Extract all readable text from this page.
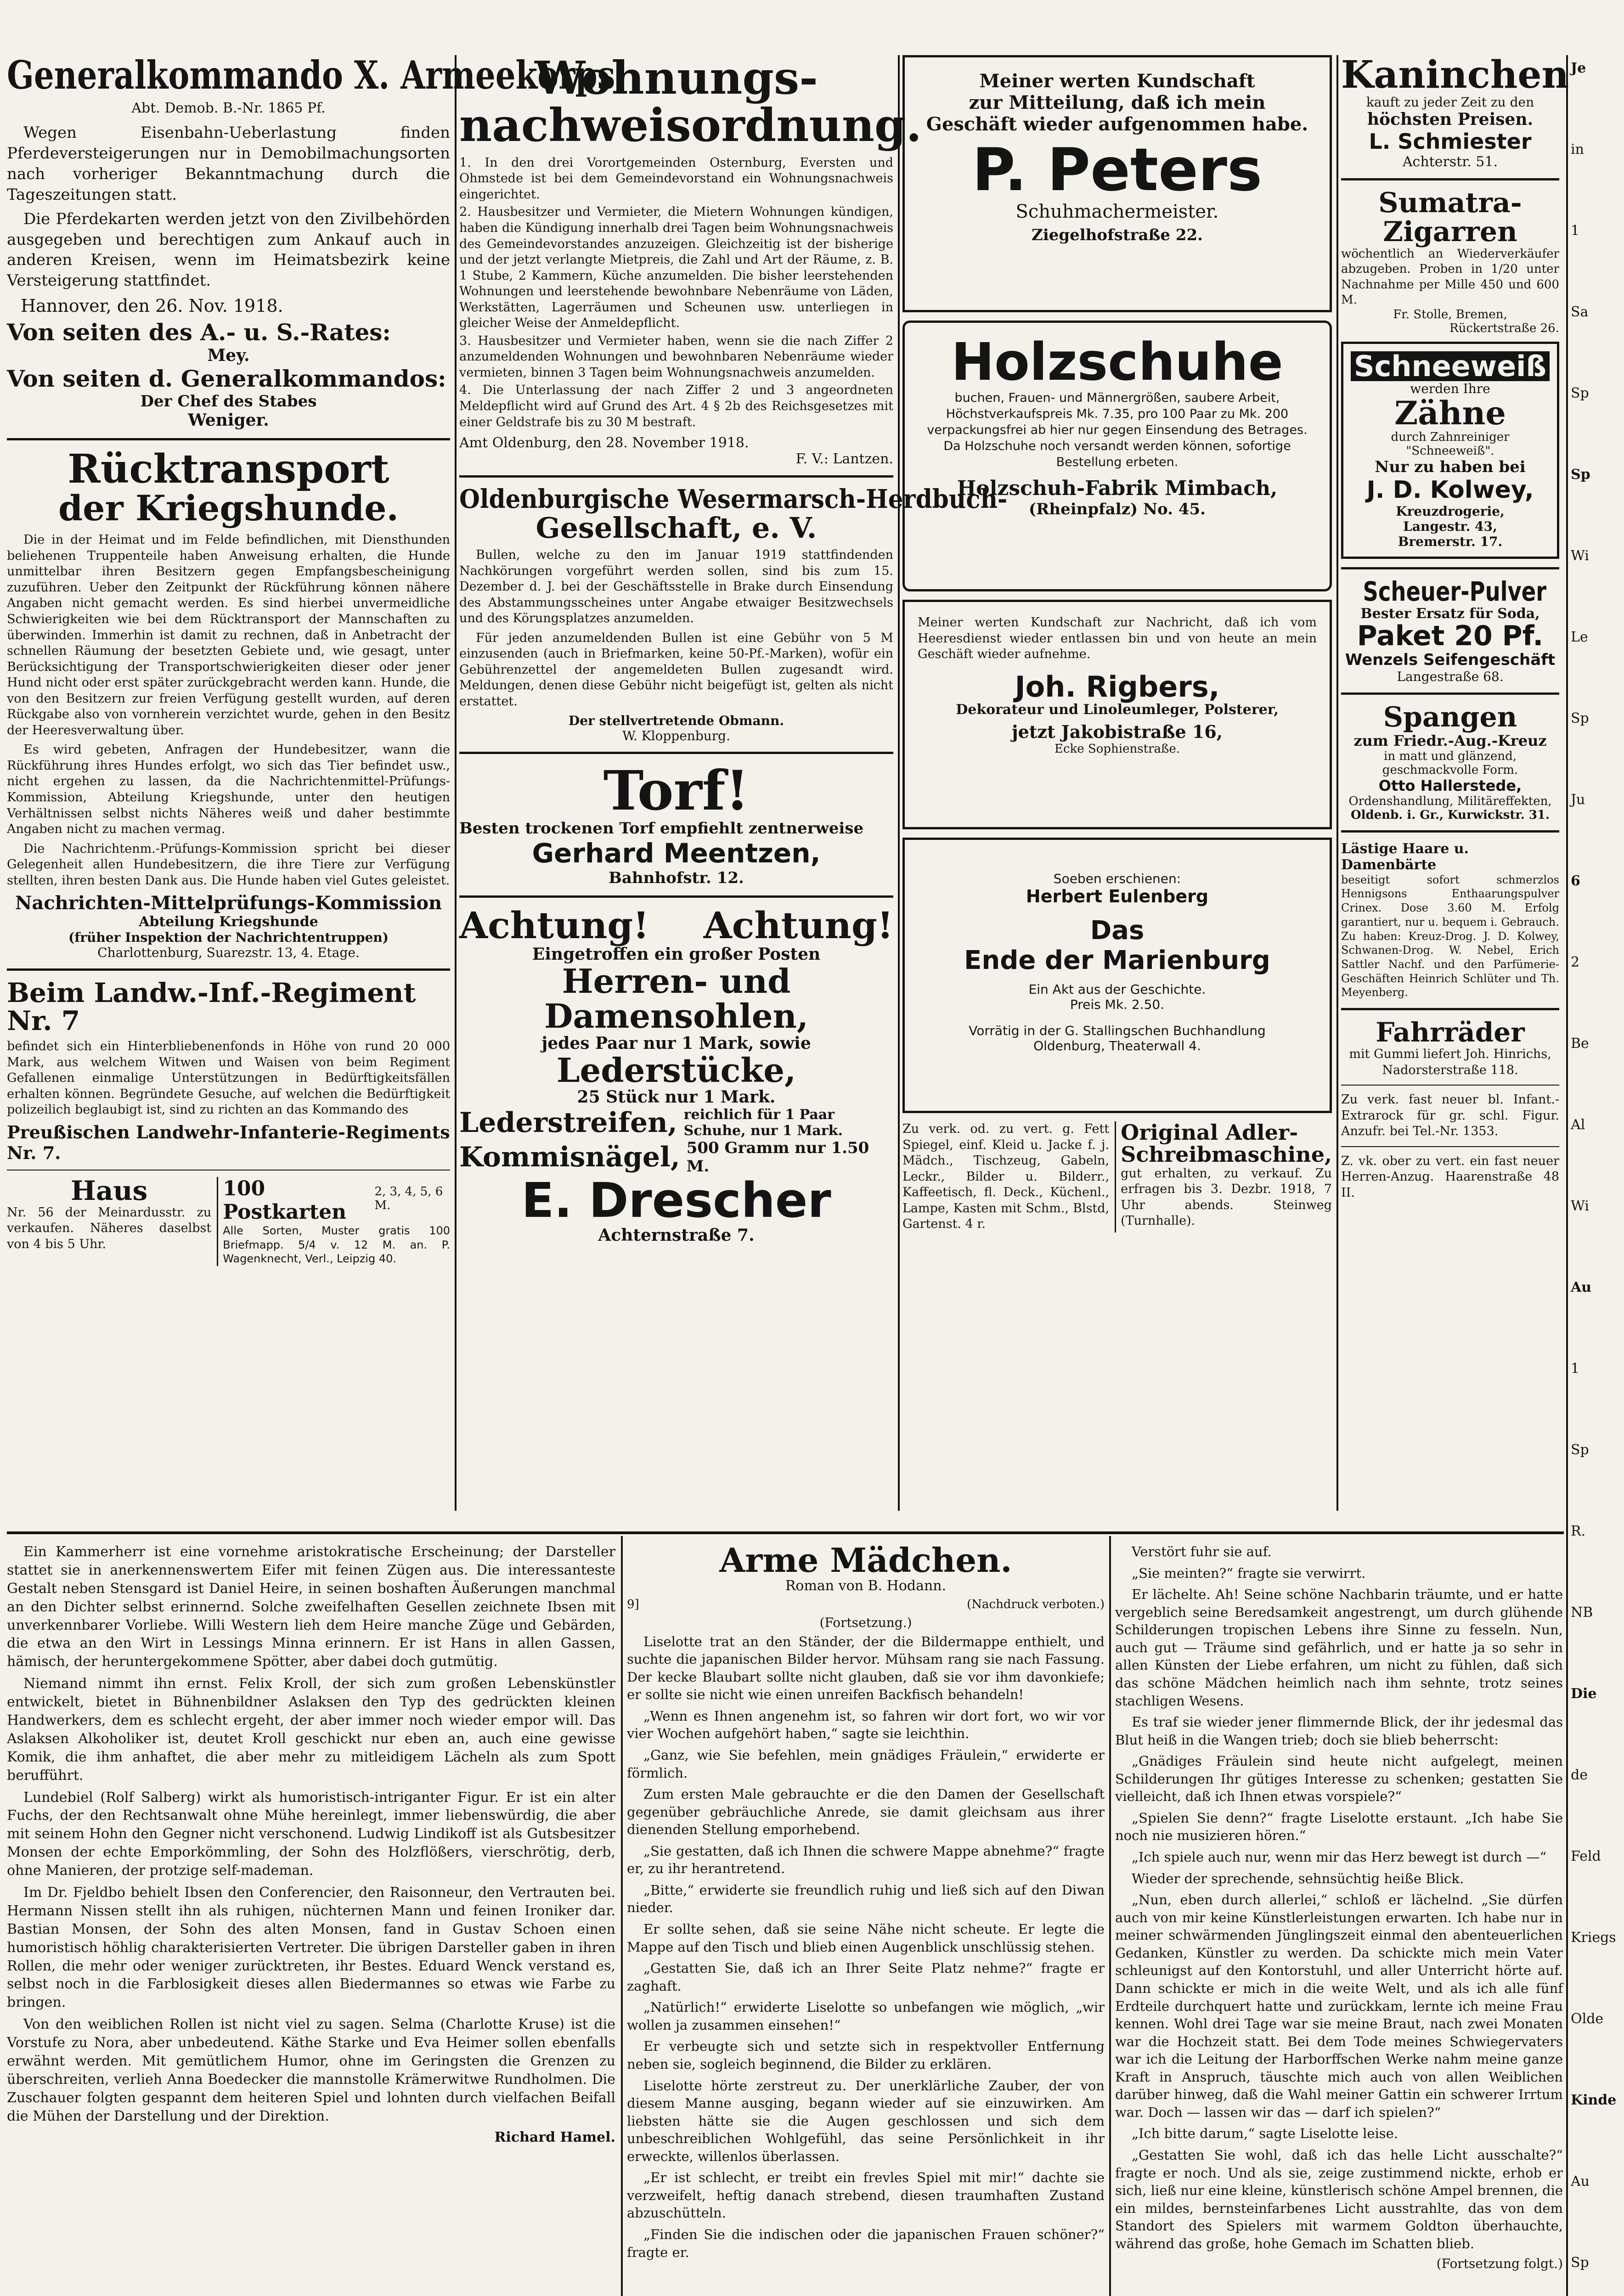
Generalkommando X. Armeekorps.
Abt. Demob. B.-Nr. 1865 Pf.

Wegen Eisenbahn-Ueberlastung finden Pferdeversteigerungen nur in Demobilmachungsorten nach vorheriger Bekanntmachung durch die Tageszeitungen statt.

Die Pferdekarten werden jetzt von den Zivilbehörden ausgegeben und berechtigen zum Ankauf auch in anderen Kreisen, wenn im Heimatsbezirk keine Versteigerung stattfindet.

Hannover, den 26. Nov. 1918.
Von seiten des A.- u. S.-Rates:
Mey.
Von seiten d. Generalkommandos:
Der Chef des Stabes
Weniger.
Rücktransport
der Kriegshunde.

Die in der Heimat und im Felde befindlichen, mit Diensthunden beliehenen Truppenteile haben Anweisung erhalten, die Hunde unmittelbar ihren Besitzern gegen Empfangsbescheinigung zuzuführen. Ueber den Zeitpunkt der Rückführung können nähere Angaben nicht gemacht werden. Es sind hierbei unvermeidliche Schwierigkeiten wie bei dem Rücktransport der Mannschaften zu überwinden. Immerhin ist damit zu rechnen, daß in Anbetracht der schnellen Räumung der besetzten Gebiete und, wie gesagt, unter Berücksichtigung der Transportschwierigkeiten dieser oder jener Hund nicht oder erst später zurückgebracht werden kann. Hunde, die von den Besitzern zur freien Verfügung gestellt wurden, auf deren Rückgabe also von vornherein verzichtet wurde, gehen in den Besitz der Heeresverwaltung über.

Es wird gebeten, Anfragen der Hundebesitzer, wann die Rückführung ihres Hundes erfolgt, wo sich das Tier befindet usw., nicht ergehen zu lassen, da die Nachrichtenmittel-Prüfungs-Kommission, Abteilung Kriegshunde, unter den heutigen Verhältnissen selbst nichts Näheres weiß und daher bestimmte Angaben nicht zu machen vermag.

Die Nachrichtenm.-Prüfungs-Kommission spricht bei dieser Gelegenheit allen Hundebesitzern, die ihre Tiere zur Verfügung stellten, ihren besten Dank aus. Die Hunde haben viel Gutes geleistet.

Nachrichten-Mittelprüfungs-Kommission
Abteilung Kriegshunde
(früher Inspektion der Nachrichtentruppen)
Charlottenburg, Suarezstr. 13, 4. Etage.
Beim Landw.-Inf.-Regiment Nr. 7

befindet sich ein Hinterbliebenenfonds in Höhe von rund 20 000 Mark, aus welchem Witwen und Waisen von beim Regiment Gefallenen einmalige Unterstützungen in Bedürftigkeitsfällen erhalten können. Begründete Gesuche, auf welchen die Bedürftigkeit polizeilich beglaubigt ist, sind zu richten an das Kommando des

Preußischen Landwehr-Infanterie-Regiments Nr. 7.
Haus
Nr. 56 der Meinardusstr. zu verkaufen. Näheres daselbst von 4 bis 5 Uhr.
100 Postkarten
2, 3, 4, 5, 6 M.
Alle Sorten, Muster gratis 100 Briefmapp. 5/4 v. 12 M. an. P. Wagenknecht, Verl., Leipzig 40.
Wohnungs-
nachweisordnung.

1. In den drei Vorortgemeinden Osternburg, Eversten und Ohmstede ist bei dem Gemeindevorstand ein Wohnungsnachweis eingerichtet.

2. Hausbesitzer und Vermieter, die Mietern Wohnungen kündigen, haben die Kündigung innerhalb drei Tagen beim Wohnungsnachweis des Gemeindevorstandes anzuzeigen. Gleichzeitig ist der bisherige und der jetzt verlangte Mietpreis, die Zahl und Art der Räume, z. B. 1 Stube, 2 Kammern, Küche anzumelden. Die bisher leerstehenden Wohnungen und leerstehende bewohnbare Nebenräume von Läden, Werkstätten, Lagerräumen und Scheunen usw. unterliegen in gleicher Weise der Anmeldepflicht.

3. Hausbesitzer und Vermieter haben, wenn sie die nach Ziffer 2 anzumeldenden Wohnungen und bewohnbaren Nebenräume wieder vermieten, binnen 3 Tagen beim Wohnungsnachweis anzumelden.

4. Die Unterlassung der nach Ziffer 2 und 3 angeordneten Meldepflicht wird auf Grund des Art. 4 § 2b des Reichsgesetzes mit einer Geldstrafe bis zu 30 M bestraft.

Amt Oldenburg, den 28. November 1918.
F. V.: Lantzen.
Oldenburgische Wesermarsch-Herdbuch-
Gesellschaft, e. V.

Bullen, welche zu den im Januar 1919 stattfindenden Nachkörungen vorgeführt werden sollen, sind bis zum 15. Dezember d. J. bei der Geschäftsstelle in Brake durch Einsendung des Abstammungsscheines unter Angabe etwaiger Besitzwechsels und des Körungsplatzes anzumelden.

Für jeden anzumeldenden Bullen ist eine Gebühr von 5 M einzusenden (auch in Briefmarken, keine 50-Pf.-Marken), wofür ein Gebührenzettel der angemeldeten Bullen zugesandt wird. Meldungen, denen diese Gebühr nicht beigefügt ist, gelten als nicht erstattet.

Der stellvertretende Obmann.
W. Kloppenburg.
Torf!
Besten trockenen Torf empfiehlt zentnerweise
Gerhard Meentzen,
Bahnhofstr. 12.
Achtung! Achtung!
Eingetroffen ein großer Posten
Herren- und Damensohlen,
jedes Paar nur 1 Mark, sowie
Lederstücke,
25 Stück nur 1 Mark.
Lederstreifen, reichlich für 1 Paar Schuhe, nur 1 Mark.
Kommisnägel, 500 Gramm nur 1.50 M.
E. Drescher
Achternstraße 7.
Meiner werten Kundschaft
zur Mitteilung, daß ich mein
Geschäft wieder aufgenommen habe.
P. Peters
Schuhmachermeister.
Ziegelhofstraße 22.
Holzschuhe
buchen, Frauen- und Männergrößen, saubere Arbeit, Höchstverkaufspreis Mk. 7.35, pro 100 Paar zu Mk. 200 verpackungsfrei ab hier nur gegen Einsendung des Betrages. Da Holzschuhe noch versandt werden können, sofortige Bestellung erbeten.
Holzschuh-Fabrik Mimbach,
(Rheinpfalz) No. 45.

Meiner werten Kundschaft zur Nachricht, daß ich vom Heeresdienst wieder entlassen bin und von heute an mein Geschäft wieder aufnehme.

Joh. Rigbers,
Dekorateur und Linoleumleger, Polsterer,
jetzt Jakobistraße 16,
Ecke Sophienstraße.
Soeben erschienen:
Herbert Eulenberg
Das
Ende der Marienburg
Ein Akt aus der Geschichte.
Preis Mk. 2.50.
Vorrätig in der G. Stallingschen Buchhandlung Oldenburg, Theaterwall 4.
Zu verk. od. zu vert. g. Fett Spiegel, einf. Kleid u. Jacke f. j. Mädch., Tischzeug, Gabeln, Leckr., Bilder u. Bilderr., Kaffeetisch, fl. Deck., Küchenl., Lampe, Kasten mit Schm., Blstd, Gartenst. 4 r.
Original Adler-Schreibmaschine,
gut erhalten, zu verkauf. Zu erfragen bis 3. Dezbr. 1918, 7 Uhr abends. Steinweg (Turnhalle).
Kaninchen
kauft zu jeder Zeit zu den
höchsten Preisen.
L. Schmiester
Achterstr. 51.
Sumatra-
Zigarren
wöchentlich an Wiederverkäufer abzugeben. Proben in 1/20 unter Nachnahme per Mille 450 und 600 M.
Fr. Stolle, Bremen,
Rückertstraße 26.
Schneeweiß
werden Ihre
Zähne
durch Zahnreiniger "Schneeweiß".
Nur zu haben bei
J. D. Kolwey,
Kreuzdrogerie,
Langestr. 43,
Bremerstr. 17.
Scheuer-Pulver
Bester Ersatz für Soda,
Paket 20 Pf.
Wenzels Seifengeschäft
Langestraße 68.
Spangen
zum Friedr.-Aug.-Kreuz
in matt und glänzend, geschmackvolle Form.
Otto Hallerstede,
Ordenshandlung, Militäreffekten,
Oldenb. i. Gr., Kurwickstr. 31.
Lästige Haare u. Damenbärte
beseitigt sofort schmerzlos Hennigsons Enthaarungspulver Crinex. Dose 3.60 M. Erfolg garantiert, nur u. bequem i. Gebrauch. Zu haben: Kreuz-Drog. J. D. Kolwey, Schwanen-Drog. W. Nebel, Erich Sattler Nachf. und den Parfümerie-Geschäften Heinrich Schlüter und Th. Meyenberg.
Fahrräder
mit Gummi liefert Joh. Hinrichs, Nadorsterstraße 118.
Zu verk. fast neuer bl. Infant.-Extrarock für gr. schl. Figur. Anzufr. bei Tel.-Nr. 1353.
Z. vk. ober zu vert. ein fast neuer Herren-Anzug. Haarenstraße 48 II.
Je
in
1
Sa
Sp
Sp
Wi
Le
Sp
Ju
6
2
Be
Al
Wi
Au
1
Sp
R.
NB
Die
de
Feld
Kriegs
Olde
Kinde
Au
Sp

Ein Kammerherr ist eine vornehme aristokratische Erscheinung; der Darsteller stattet sie in anerkennenswertem Eifer mit feinen Zügen aus. Die interessanteste Gestalt neben Stensgard ist Daniel Heire, in seinen boshaften Äußerungen manchmal an den Dichter selbst erinnernd. Solche zweifelhaften Gesellen zeichnete Ibsen mit unverkennbarer Vorliebe. Willi Western lieh dem Heire manche Züge und Gebärden, die etwa an den Wirt in Lessings Minna erinnern. Er ist Hans in allen Gassen, hämisch, der heruntergekommene Spötter, aber dabei doch gutmütig.

Niemand nimmt ihn ernst. Felix Kroll, der sich zum großen Lebenskünstler entwickelt, bietet in Bühnenbildner Aslaksen den Typ des gedrückten kleinen Handwerkers, dem es schlecht ergeht, der aber immer noch wieder empor will. Das Aslaksen Alkoholiker ist, deutet Kroll geschickt nur eben an, auch eine gewisse Komik, die ihm anhaftet, die aber mehr zu mitleidigem Lächeln als zum Spott berufführt.

Lundebiel (Rolf Salberg) wirkt als humoristisch-intriganter Figur. Er ist ein alter Fuchs, der den Rechtsanwalt ohne Mühe hereinlegt, immer liebenswürdig, die aber mit seinem Hohn den Gegner nicht verschonend. Ludwig Lindikoff ist als Gutsbesitzer Monsen der echte Emporkömmling, der Sohn des Holzflößers, vierschrötig, derb, ohne Manieren, der protzige self-mademan.

Im Dr. Fjeldbo behielt Ibsen den Conferencier, den Raisonneur, den Vertrauten bei. Hermann Nissen stellt ihn als ruhigen, nüchternen Mann und feinen Ironiker dar. Bastian Monsen, der Sohn des alten Monsen, fand in Gustav Schoen einen humoristisch höhlig charakterisierten Vertreter. Die übrigen Darsteller gaben in ihren Rollen, die mehr oder weniger zurücktreten, ihr Bestes. Eduard Wenck verstand es, selbst noch in die Farblosigkeit dieses allen Biedermannes so etwas wie Farbe zu bringen.

Von den weiblichen Rollen ist nicht viel zu sagen. Selma (Charlotte Kruse) ist die Vorstufe zu Nora, aber unbedeutend. Käthe Starke und Eva Heimer sollen ebenfalls erwähnt werden. Mit gemütlichem Humor, ohne im Geringsten die Grenzen zu überschreiten, verlieh Anna Boedecker die mannstolle Krämerwitwe Rundholmen. Die Zuschauer folgten gespannt dem heiteren Spiel und lohnten durch vielfachen Beifall die Mühen der Darstellung und der Direktion.

Richard Hamel.
Arme Mädchen.
Roman von B. Hodann.
9]	(Nachdruck verboten.)
(Fortsetzung.)

Liselotte trat an den Ständer, der die Bildermappe enthielt, und suchte die japanischen Bilder hervor. Mühsam rang sie nach Fassung. Der kecke Blaubart sollte nicht glauben, daß sie vor ihm davonkiefe; er sollte sie nicht wie einen unreifen Backfisch behandeln!

„Wenn es Ihnen angenehm ist, so fahren wir dort fort, wo wir vor vier Wochen aufgehört haben,“ sagte sie leichthin.

„Ganz, wie Sie befehlen, mein gnädiges Fräulein,“ erwiderte er förmlich.

Zum ersten Male gebrauchte er die den Damen der Gesellschaft gegenüber gebräuchliche Anrede, sie damit gleichsam aus ihrer dienenden Stellung emporhebend.

„Sie gestatten, daß ich Ihnen die schwere Mappe abnehme?“ fragte er, zu ihr herantretend.

„Bitte,“ erwiderte sie freundlich ruhig und ließ sich auf den Diwan nieder.

Er sollte sehen, daß sie seine Nähe nicht scheute. Er legte die Mappe auf den Tisch und blieb einen Augenblick unschlüssig stehen.

„Gestatten Sie, daß ich an Ihrer Seite Platz nehme?“ fragte er zaghaft.

„Natürlich!“ erwiderte Liselotte so unbefangen wie möglich, „wir wollen ja zusammen einsehen!“

Er verbeugte sich und setzte sich in respektvoller Entfernung neben sie, sogleich beginnend, die Bilder zu erklären.

Liselotte hörte zerstreut zu. Der unerklärliche Zauber, der von diesem Manne ausging, begann wieder auf sie einzuwirken. Am liebsten hätte sie die Augen geschlossen und sich dem unbeschreiblichen Wohlgefühl, das seine Persönlichkeit in ihr erweckte, willenlos überlassen.

„Er ist schlecht, er treibt ein frevles Spiel mit mir!“ dachte sie verzweifelt, heftig danach strebend, diesen traumhaften Zustand abzuschütteln.

„Finden Sie die indischen oder die japanischen Frauen schöner?“ fragte er.

Verstört fuhr sie auf.

„Sie meinten?“ fragte sie verwirrt.

Er lächelte. Ah! Seine schöne Nachbarin träumte, und er hatte vergeblich seine Beredsamkeit angestrengt, um durch glühende Schilderungen tropischen Lebens ihre Sinne zu fesseln. Nun, auch gut — Träume sind gefährlich, und er hatte ja so sehr in allen Künsten der Liebe erfahren, um nicht zu fühlen, daß sich das schöne Mädchen heimlich nach ihm sehnte, trotz seines stachligen Wesens.

Es traf sie wieder jener flimmernde Blick, der ihr jedesmal das Blut heiß in die Wangen trieb; doch sie blieb beherrscht:

„Gnädiges Fräulein sind heute nicht aufgelegt, meinen Schilderungen Ihr gütiges Interesse zu schenken; gestatten Sie vielleicht, daß ich Ihnen etwas vorspiele?“

„Spielen Sie denn?“ fragte Liselotte erstaunt. „Ich habe Sie noch nie musizieren hören.“

„Ich spiele auch nur, wenn mir das Herz bewegt ist durch —“

Wieder der sprechende, sehnsüchtig heiße Blick.

„Nun, eben durch allerlei,“ schloß er lächelnd. „Sie dürfen auch von mir keine Künstlerleistungen erwarten. Ich habe nur in meiner schwärmenden Jünglingszeit einmal den abenteuerlichen Gedanken, Künstler zu werden. Da schickte mich mein Vater schleunigst auf den Kontorstuhl, und aller Unterricht hörte auf. Dann schickte er mich in die weite Welt, und als ich alle fünf Erdteile durchquert hatte und zurückkam, lernte ich meine Frau kennen. Wohl drei Tage war sie meine Braut, nach zwei Monaten war die Hochzeit statt. Bei dem Tode meines Schwiegervaters war ich die Leitung der Harborffschen Werke nahm meine ganze Kraft in Anspruch, täuschte mich auch von allen Weiblichen darüber hinweg, daß die Wahl meiner Gattin ein schwerer Irrtum war. Doch — lassen wir das — darf ich spielen?“

„Ich bitte darum,“ sagte Liselotte leise.

„Gestatten Sie wohl, daß ich das helle Licht ausschalte?“ fragte er noch. Und als sie, zeige zustimmend nickte, erhob er sich, ließ nur eine kleine, künstlerisch schöne Ampel brennen, die ein mildes, bernsteinfarbenes Licht ausstrahlte, das von dem Standort des Spielers mit warmem Goldton überhauchte, während das große, hohe Gemach im Schatten blieb.

(Fortsetzung folgt.)
